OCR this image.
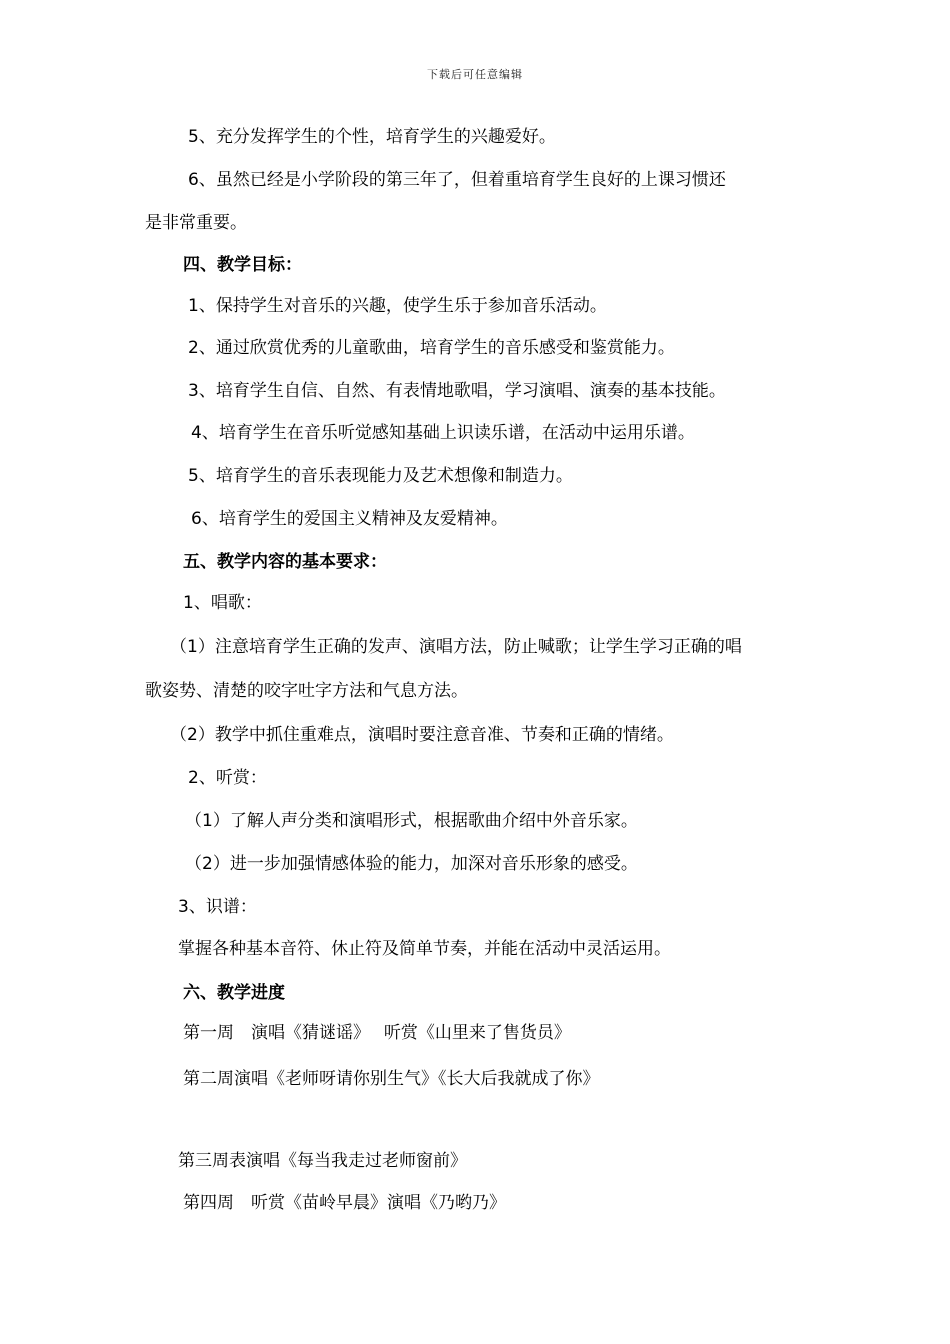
下载后可任意编辑
5、充分发挥学生的个性，培育学生的兴趣爱好。
6、虽然已经是小学阶段的第三年了，但着重培育学生良好的上课习惯还
是非常重要。
四、教学目标：
1、保持学生对音乐的兴趣，使学生乐于参加音乐活动。
2、通过欣赏优秀的儿童歌曲，培育学生的音乐感受和鉴赏能力。
3、培育学生自信、自然、有表情地歌唱，学习演唱、演奏的基本技能。
4、培育学生在音乐听觉感知基础上识读乐谱，在活动中运用乐谱。
5、培育学生的音乐表现能力及艺术想像和制造力。
6、培育学生的爱国主义精神及友爱精神。
五、教学内容的基本要求：
1、唱歌：
（1）注意培育学生正确的发声、演唱方法，防止喊歌；让学生学习正确的唱
歌姿势、清楚的咬字吐字方法和气息方法。
（2）教学中抓住重难点，演唱时要注意音准、节奏和正确的情绪。
2、听赏：
（1）了解人声分类和演唱形式，根据歌曲介绍中外音乐家。
（2）进一步加强情感体验的能力，加深对音乐形象的感受。
3、识谱：
掌握各种基本音符、休止符及简单节奏，并能在活动中灵活运用。
六、教学进度
第一周　演唱《猜谜谣》　 听赏《山里来了售货员》
第二周演唱《老师呀请你别生气》《长大后我就成了你》
第三周表演唱《每当我走过老师窗前》
第四周　听赏《苗岭早晨》演唱《乃哟乃》
